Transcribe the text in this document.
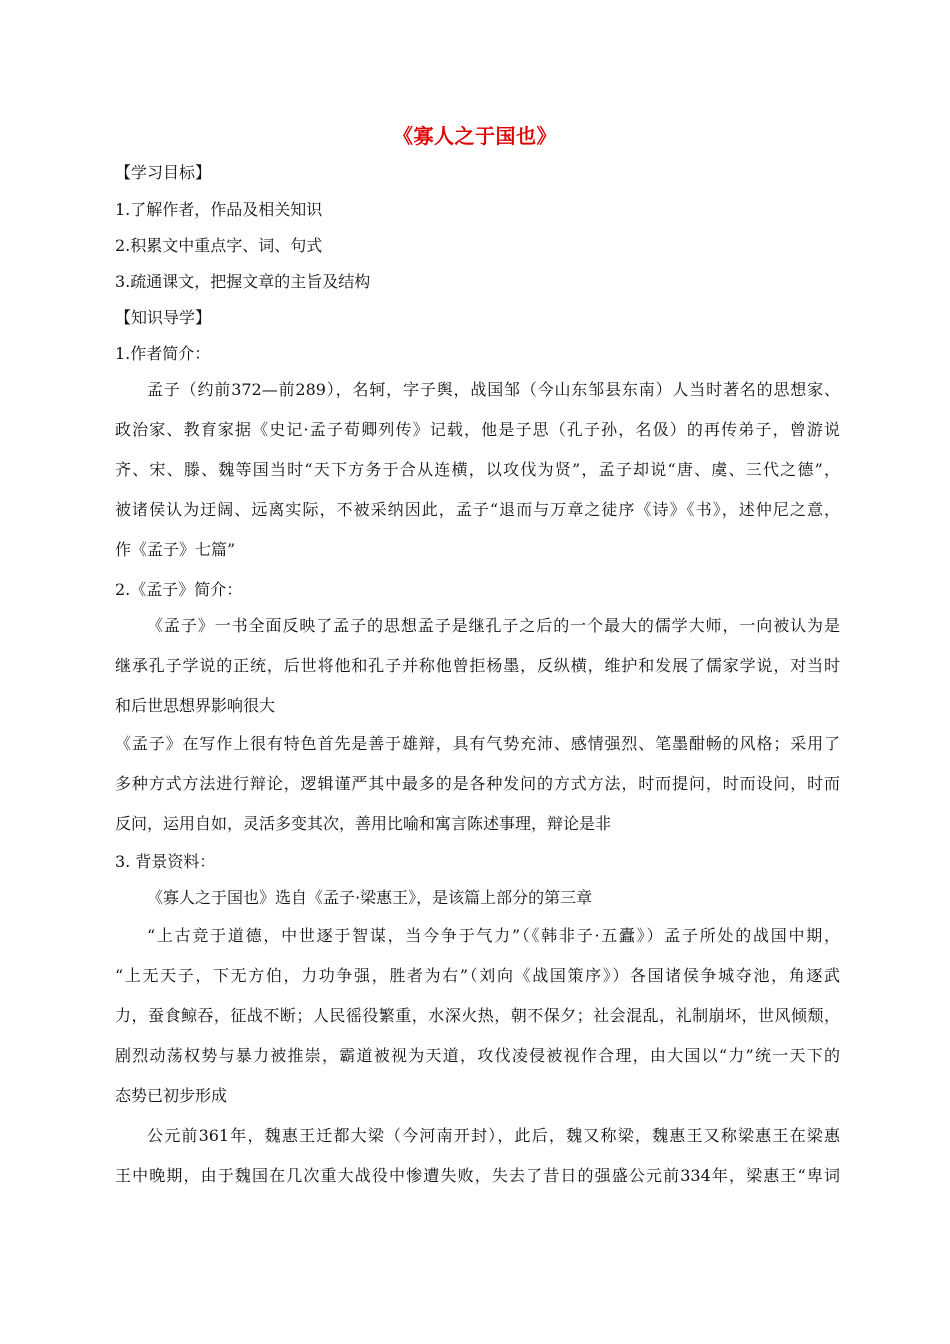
《寡人之于国也》
【学习目标】
1.了解作者，作品及相关知识
2.积累文中重点字、词、句式
3.疏通课文，把握文章的主旨及结构
【知识导学】
1.作者简介：
孟子（约前372—前289），名轲，字子舆，战国邹（今山东邹县东南）人当时著名的思想家、
政治家、教育家据《史记·孟子荀卿列传》记载，他是子思（孔子孙，名伋）的再传弟子，曾游说
齐、宋、滕、魏等国当时“天下方务于合从连横，以攻伐为贤”，孟子却说“唐、虞、三代之德”，
被诸侯认为迂阔、远离实际，不被采纳因此，孟子“退而与万章之徒序《诗》《书》，述仲尼之意，
作《孟子》七篇”
2.《孟子》简介：
《孟子》一书全面反映了孟子的思想孟子是继孔子之后的一个最大的儒学大师，一向被认为是
继承孔子学说的正统，后世将他和孔子并称他曾拒杨墨，反纵横，维护和发展了儒家学说，对当时
和后世思想界影响很大
《孟子》在写作上很有特色首先是善于雄辩，具有气势充沛、感情强烈、笔墨酣畅的风格；采用了
多种方式方法进行辩论，逻辑谨严其中最多的是各种发问的方式方法，时而提问，时而设问，时而
反问，运用自如，灵活多变其次，善用比喻和寓言陈述事理，辩论是非
3. 背景资料：
《寡人之于国也》选自《孟子·梁惠王》，是该篇上部分的第三章
“上古竞于道德，中世逐于智谋，当今争于气力”（《韩非子·五蠹》）孟子所处的战国中期，
“上无天子，下无方伯，力功争强，胜者为右”（刘向《战国策序》）各国诸侯争城夺池，角逐武
力，蚕食鲸吞，征战不断；人民徭役繁重，水深火热，朝不保夕；社会混乱，礼制崩坏，世风倾颓，
剧烈动荡权势与暴力被推崇，霸道被视为天道，攻伐凌侵被视作合理，由大国以“力”统一天下的
态势已初步形成
公元前361年，魏惠王迁都大梁（今河南开封），此后，魏又称梁，魏惠王又称梁惠王在梁惠
王中晚期，由于魏国在几次重大战役中惨遭失败，失去了昔日的强盛公元前334年，梁惠王“卑词
